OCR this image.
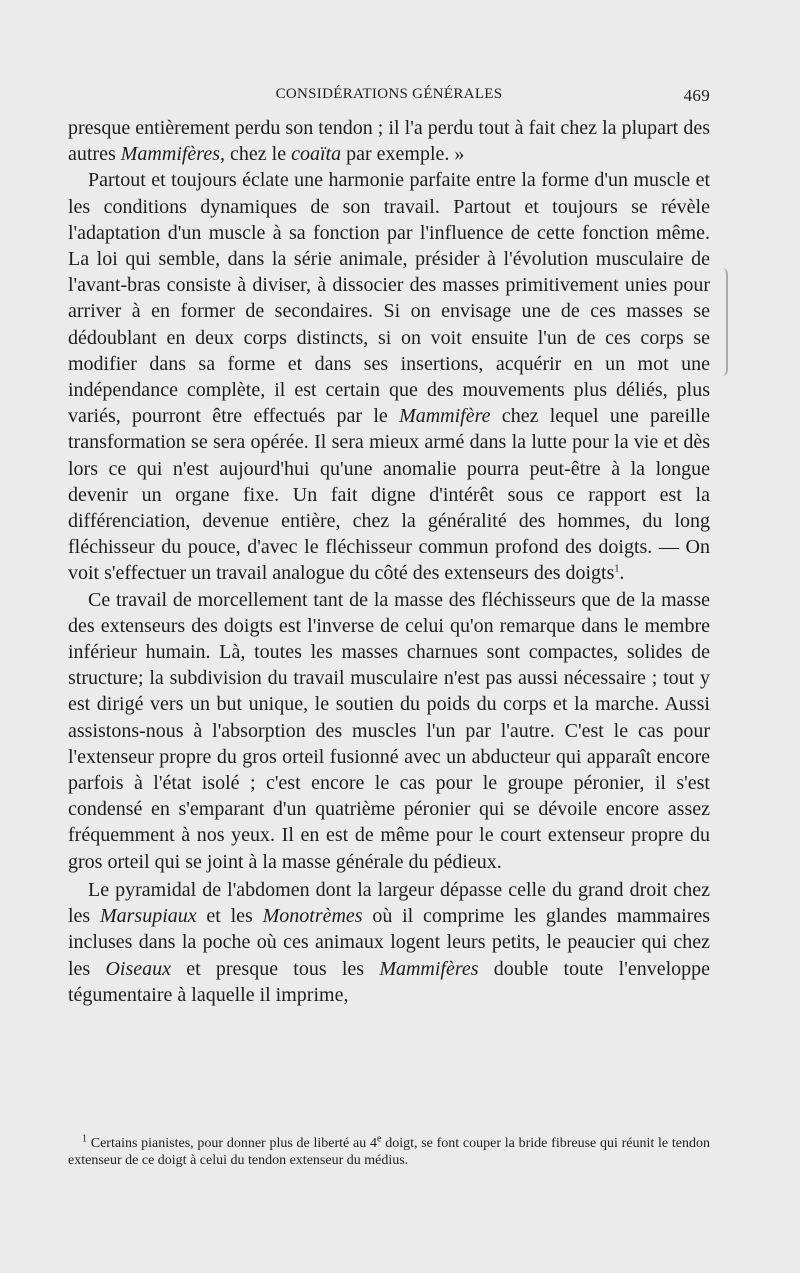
CONSIDÉRATIONS GÉNÉRALES	469

presque entièrement perdu son tendon ; il l'a perdu tout à fait chez la plupart des autres Mammifères, chez le coaïta par exemple. »

Partout et toujours éclate une harmonie parfaite entre la forme d'un muscle et les conditions dynamiques de son travail. Partout et toujours se révèle l'adaptation d'un muscle à sa fonction par l'influence de cette fonction même. La loi qui semble, dans la série animale, présider à l'évolution musculaire de l'avant-bras consiste à diviser, à dissocier des masses primitivement unies pour arriver à en former de secondaires. Si on envisage une de ces masses se dédoublant en deux corps distincts, si on voit ensuite l'un de ces corps se modifier dans sa forme et dans ses insertions, acquérir en un mot une indépendance complète, il est certain que des mouvements plus déliés, plus variés, pourront être effectués par le Mammifère chez lequel une pareille transformation se sera opérée. Il sera mieux armé dans la lutte pour la vie et dès lors ce qui n'est aujourd'hui qu'une anomalie pourra peut-être à la longue devenir un organe fixe. Un fait digne d'intérêt sous ce rapport est la différenciation, devenue entière, chez la généralité des hommes, du long fléchisseur du pouce, d'avec le fléchisseur commun profond des doigts. — On voit s'effectuer un travail analogue du côté des extenseurs des doigts$^1$.

Ce travail de morcellement tant de la masse des fléchisseurs que de la masse des extenseurs des doigts est l'inverse de celui qu'on remarque dans le membre inférieur humain. Là, toutes les masses charnues sont compactes, solides de structure; la subdivision du travail musculaire n'est pas aussi nécessaire ; tout y est dirigé vers un but unique, le soutien du poids du corps et la marche. Aussi assistons-nous à l'absorption des muscles l'un par l'autre. C'est le cas pour l'extenseur propre du gros orteil fusionné avec un abducteur qui apparaît encore parfois à l'état isolé ; c'est encore le cas pour le groupe péronier, il s'est condensé en s'emparant d'un quatrième péronier qui se dévoile encore assez fréquemment à nos yeux. Il en est de même pour le court extenseur propre du gros orteil qui se joint à la masse générale du pédieux.

Le pyramidal de l'abdomen dont la largeur dépasse celle du grand droit chez les Marsupiaux et les Monotrèmes où il comprime les glandes mammaires incluses dans la poche où ces animaux logent leurs petits, le peaucier qui chez les Oiseaux et presque tous les Mammifères double toute l'enveloppe tégumentaire à laquelle il imprime,

$^1$ Certains pianistes, pour donner plus de liberté au 4e doigt, se font couper la bride fibreuse qui réunit le tendon extenseur de ce doigt à celui du tendon extenseur du médius.
